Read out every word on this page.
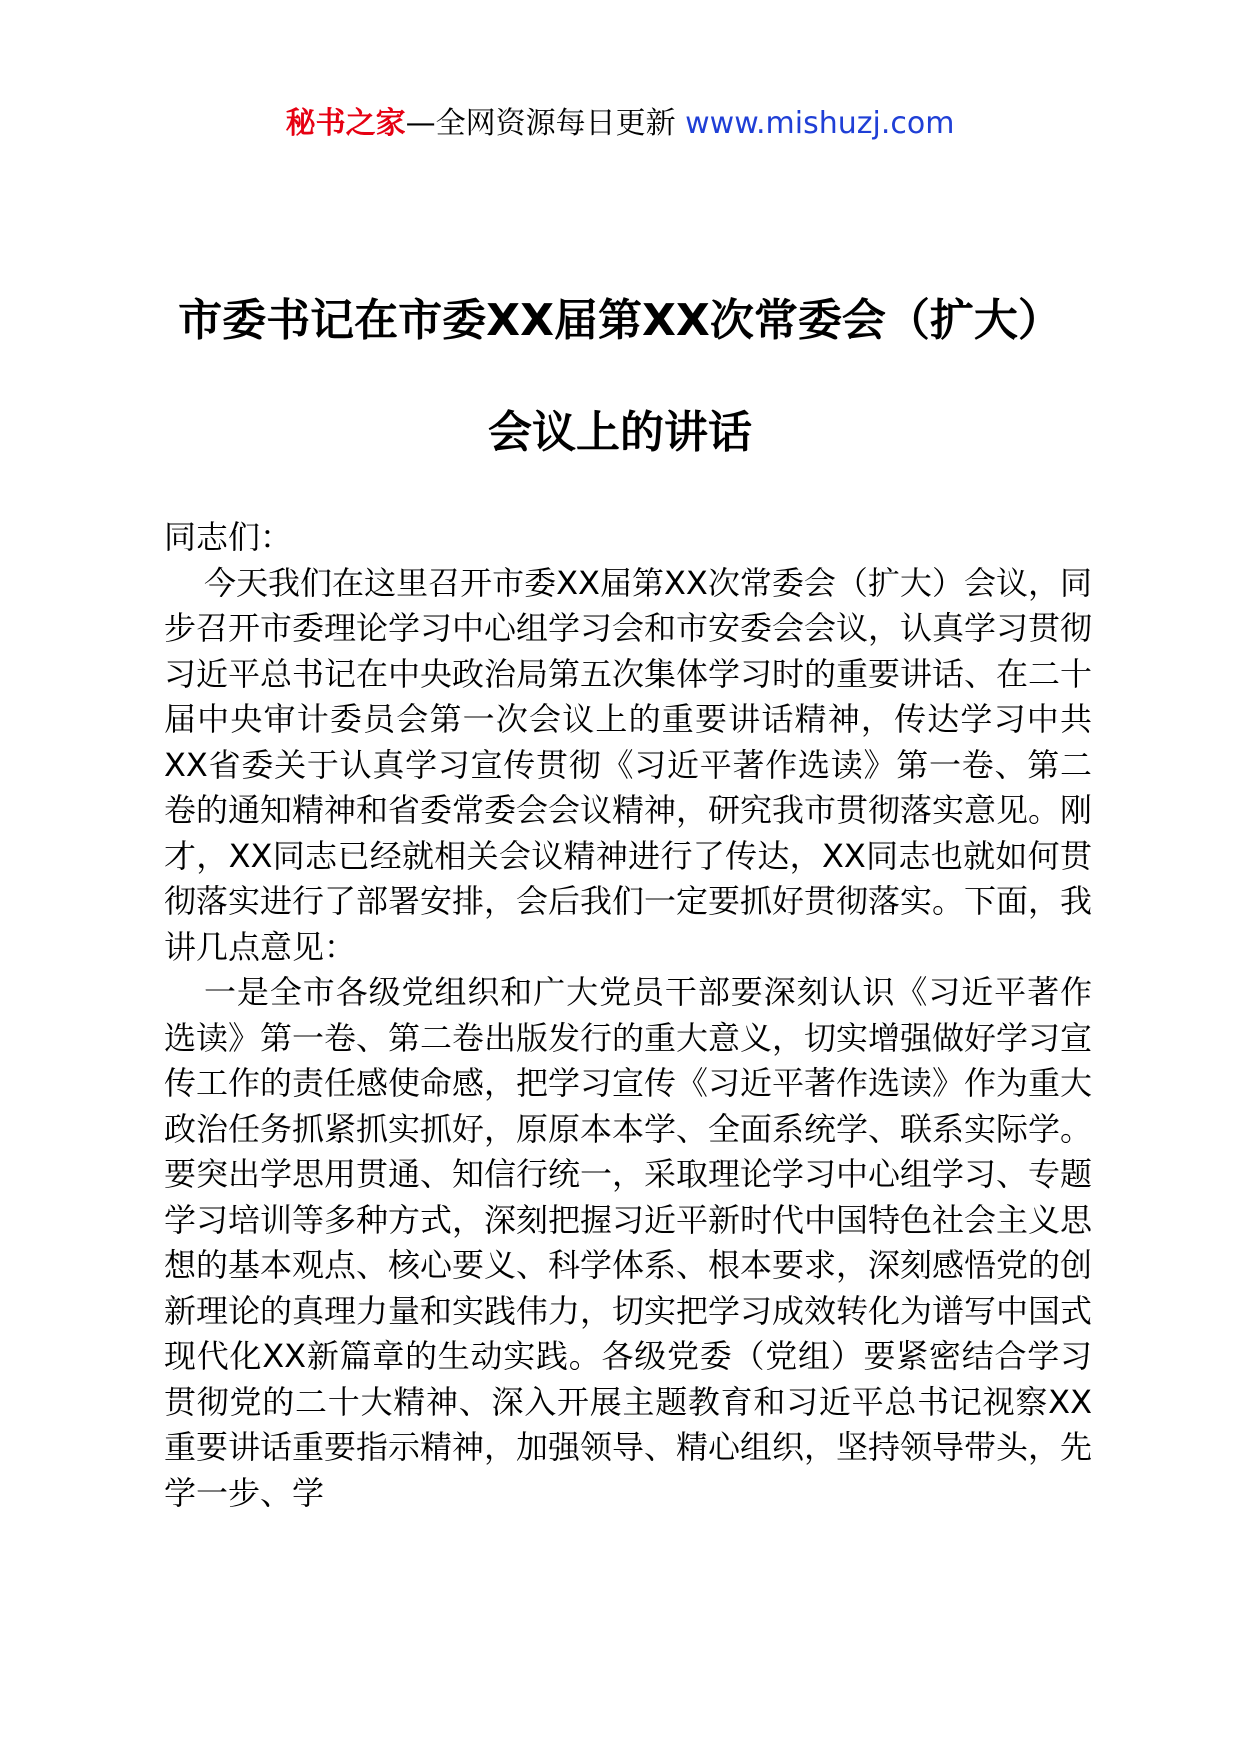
秘书之家—全网资源每日更新 www.mishuzj.com
市委书记在市委XX届第XX次常委会（扩大）
会议上的讲话

同志们：

今天我们在这里召开市委XX届第XX次常委会（扩大）会议，同步召开市委理论学习中心组学习会和市安委会会议，认真学习贯彻习近平总书记在中央政治局第五次集体学习时的重要讲话、在二十届中央审计委员会第一次会议上的重要讲话精神，传达学习中共XX省委关于认真学习宣传贯彻《习近平著作选读》第一卷、第二卷的通知精神和省委常委会会议精神，研究我市贯彻落实意见。刚才，XX同志已经就相关会议精神进行了传达，XX同志也就如何贯彻落实进行了部署安排，会后我们一定要抓好贯彻落实。下面，我讲几点意见：

一是全市各级党组织和广大党员干部要深刻认识《习近平著作选读》第一卷、第二卷出版发行的重大意义，切实增强做好学习宣传工作的责任感使命感，把学习宣传《习近平著作选读》作为重大政治任务抓紧抓实抓好，原原本本学、全面系统学、联系实际学。要突出学思用贯通、知信行统一，采取理论学习中心组学习、专题学习培训等多种方式，深刻把握习近平新时代中国特色社会主义思想的基本观点、核心要义、科学体系、根本要求，深刻感悟党的创新理论的真理力量和实践伟力，切实把学习成效转化为谱写中国式现代化XX新篇章的生动实践。各级党委（党组）要紧密结合学习贯彻党的二十大精神、深入开展主题教育和习近平总书记视察XX重要讲话重要指示精神，加强领导、精心组织，坚持领导带头，先学一步、学
